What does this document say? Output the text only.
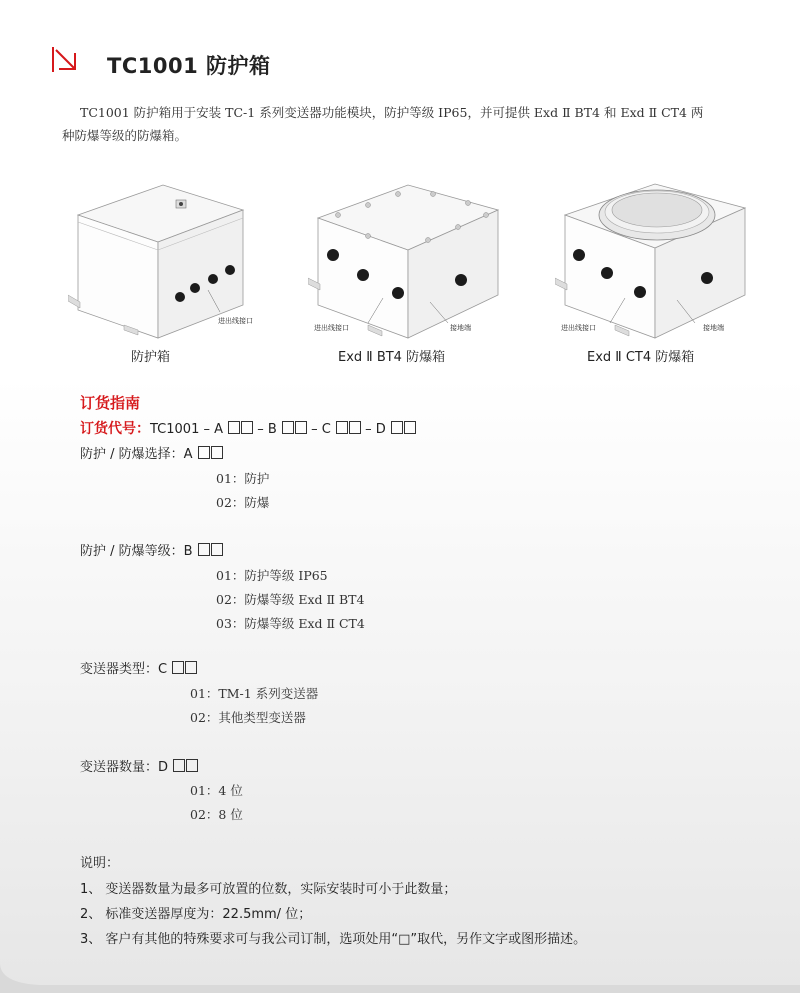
TC1001 防护箱

TC1001 防护箱用于安装 TC-1 系列变送器功能模块，防护等级 IP65，并可提供 Exd Ⅱ BT4 和 Exd Ⅱ CT4 两

种防爆等级的防爆箱。

进出线接口
防护箱
进出线接口	接地端
Exd Ⅱ BT4 防爆箱
进出线接口	接地端
Exd Ⅱ CT4 防爆箱
订货指南
订货代号：TC1001 – A	– B	– C	– D
防护 / 防爆选择：A
01：防护
02：防爆
防护 / 防爆等级：B
01：防护等级 IP65
02：防爆等级 Exd Ⅱ BT4
03：防爆等级 Exd Ⅱ CT4
变送器类型：C
01：TM-1 系列变送器
02：其他类型变送器
变送器数量：D
01：4 位
02：8 位
说明：
1、 变送器数量为最多可放置的位数，实际安装时可小于此数量；
2、 标准变送器厚度为：22.5mm/ 位；
3、 客户有其他的特殊要求可与我公司订制，选项处用“□”取代，另作文字或图形描述。
